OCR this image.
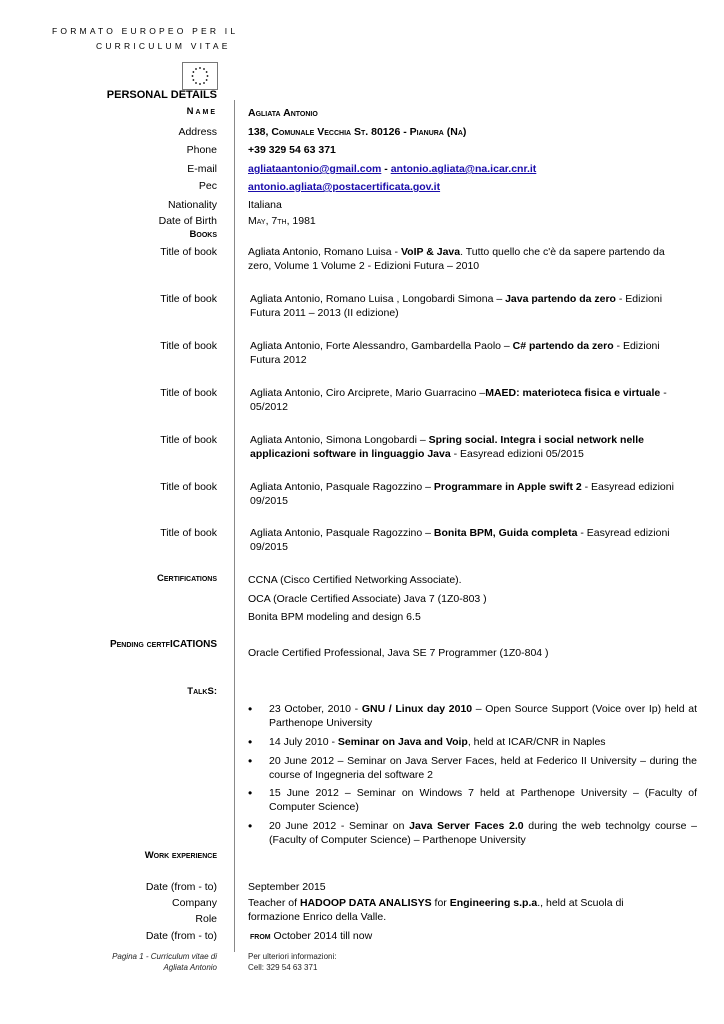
FORMATO EUROPEO PER IL
CURRICULUM VITAE
PERSONAL DETAILS
Name	Agliata Antonio
Address	138, Comunale Vecchia St. 80126 - Pianura (Na)
Phone	+39 329 54 63 371
E-mail	agliataantonio@gmail.com - antonio.agliata@na.icar.cnr.it
Pec	antonio.agliata@postacertificata.gov.it
Nationality	Italiana
Date of Birth	May, 7th, 1981
Books
Title of book	Agliata Antonio, Romano Luisa - VoIP & Java. Tutto quello che c'è da sapere partendo da zero, Volume 1 Volume 2 - Edizioni Futura – 2010
Title of book	Agliata Antonio, Romano Luisa , Longobardi Simona – Java partendo da zero - Edizioni Futura 2011 – 2013 (II edizione)
Title of book	Agliata Antonio, Forte Alessandro, Gambardella Paolo – C# partendo da zero - Edizioni Futura 2012
Title of book	Agliata Antonio, Ciro Arciprete, Mario Guarracino –MAED: materioteca fisica e virtuale - 05/2012
Title of book	Agliata Antonio, Simona Longobardi – Spring social. Integra i social network nelle applicazioni software in linguaggio Java - Easyread edizioni 05/2015
Title of book	Agliata Antonio, Pasquale Ragozzino – Programmare in Apple swift 2 - Easyread edizioni 09/2015
Title of book	Agliata Antonio, Pasquale Ragozzino – Bonita BPM, Guida completa - Easyread edizioni 09/2015
Certifications	CCNA (Cisco Certified Networking Associate).
OCA (Oracle Certified Associate) Java 7 (1Z0-803 )
Bonita BPM modeling and design 6.5
Pending certfICATIONS
Oracle Certified Professional, Java SE 7 Programmer (1Z0-804 )
TalkS:
• 23 October, 2010 - GNU / Linux day 2010 – Open Source Support (Voice over Ip) held at Parthenope University
• 14 July 2010 - Seminar on Java and Voip, held at ICAR/CNR in Naples
• 20 June 2012 – Seminar on Java Server Faces, held at Federico II University – during the course of Ingegneria del software 2
• 15 June 2012 – Seminar on Windows 7 held at Parthenope University – (Faculty of Computer Science)
• 20 June 2012 - Seminar on Java Server Faces 2.0 during the web technolgy course – (Faculty of Computer Science) – Parthenope University
Work experience
Date (from - to)	September 2015
Company	Teacher of HADOOP DATA ANALISYS for Engineering s.p.a., held at Scuola di formazione Enrico della Valle.
Role
Date (from - to)	from October 2014 till now
Pagina 1 - Curriculum vitae di
Agliata Antonio
Per ulteriori informazioni:
Cell: 329 54 63 371
